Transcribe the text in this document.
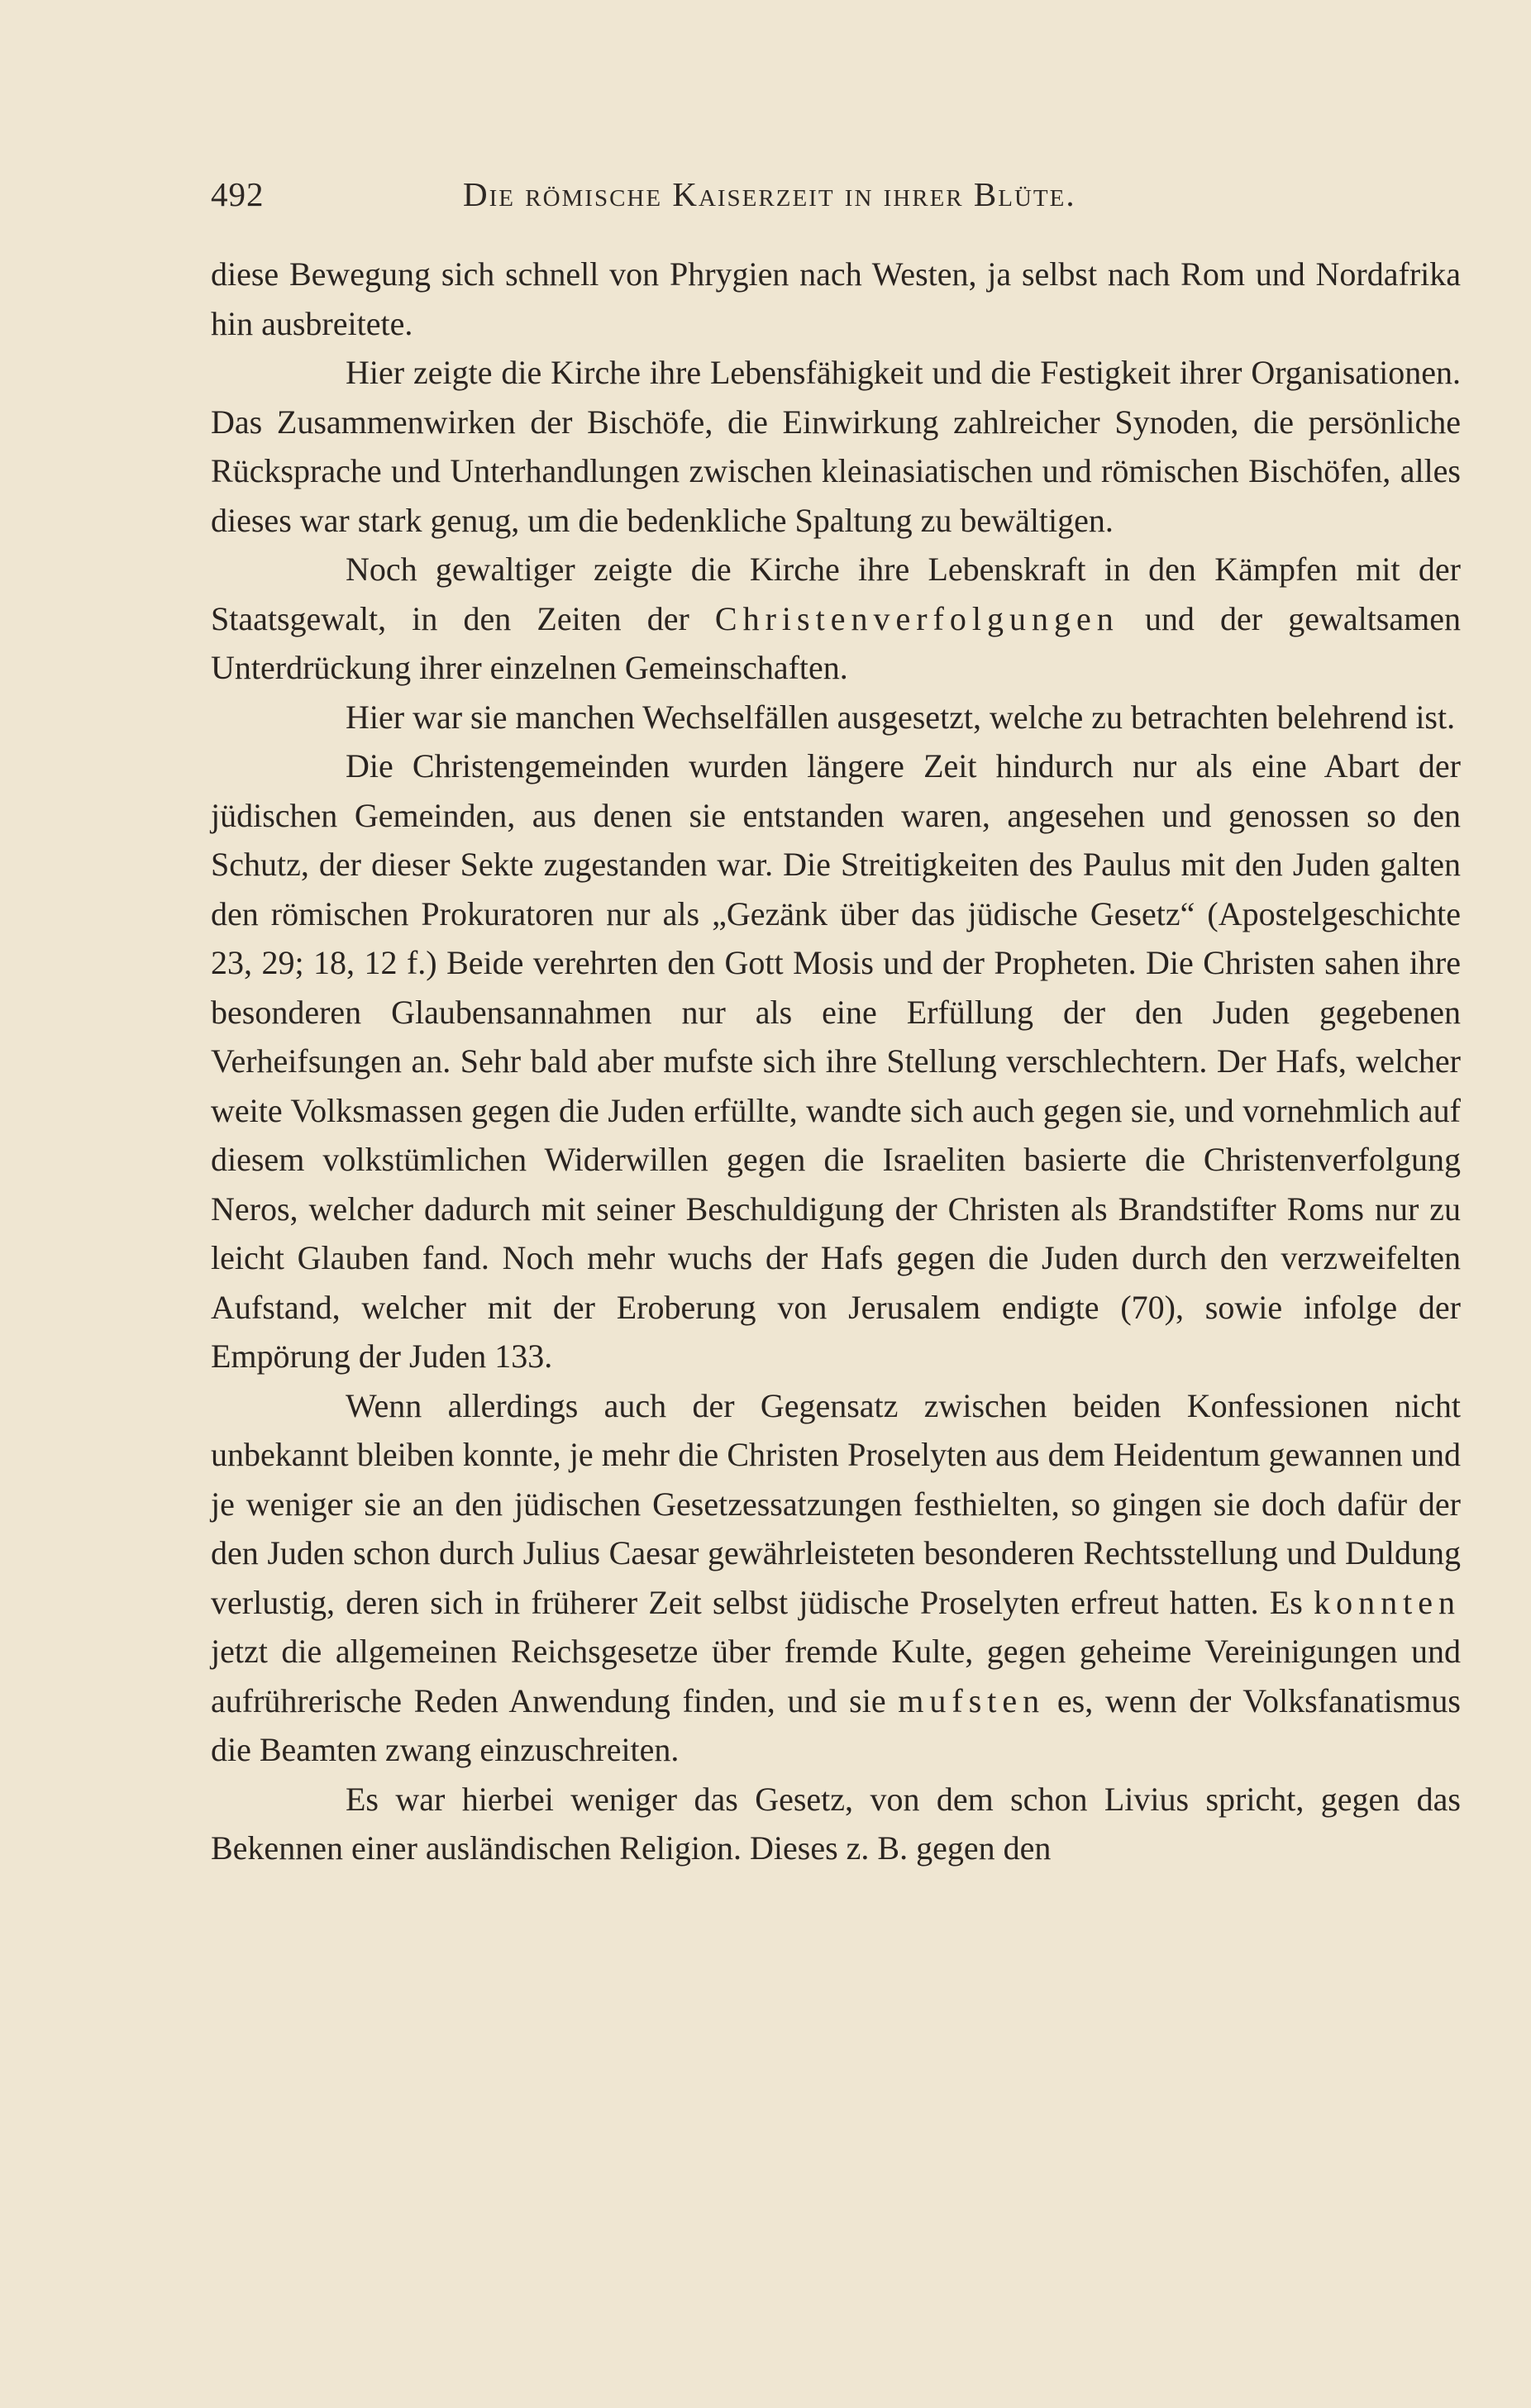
492	Die römische Kaiserzeit in ihrer Blüte.

diese Bewegung sich schnell von Phrygien nach Westen, ja selbst nach Rom und Nordafrika hin ausbreitete.

Hier zeigte die Kirche ihre Lebensfähigkeit und die Festigkeit ihrer Organisationen. Das Zusammenwirken der Bischöfe, die Einwirkung zahlreicher Synoden, die persönliche Rücksprache und Unterhandlungen zwischen kleinasiatischen und römischen Bischöfen, alles dieses war stark genug, um die bedenkliche Spaltung zu bewältigen.

Noch gewaltiger zeigte die Kirche ihre Lebenskraft in den Kämpfen mit der Staatsgewalt, in den Zeiten der Christenverfolgungen und der gewaltsamen Unterdrückung ihrer einzelnen Gemeinschaften.

Hier war sie manchen Wechselfällen ausgesetzt, welche zu betrachten belehrend ist.

Die Christengemeinden wurden längere Zeit hindurch nur als eine Abart der jüdischen Gemeinden, aus denen sie entstanden waren, angesehen und genossen so den Schutz, der dieser Sekte zugestanden war. Die Streitigkeiten des Paulus mit den Juden galten den römischen Prokuratoren nur als „Gezänk über das jüdische Gesetz“ (Apostelgeschichte 23, 29; 18, 12 f.) Beide verehrten den Gott Mosis und der Propheten. Die Christen sahen ihre besonderen Glaubensannahmen nur als eine Erfüllung der den Juden gegebenen Verheifsungen an. Sehr bald aber mufste sich ihre Stellung verschlechtern. Der Hafs, welcher weite Volksmassen gegen die Juden erfüllte, wandte sich auch gegen sie, und vornehmlich auf diesem volkstümlichen Widerwillen gegen die Israeliten basierte die Christenverfolgung Neros, welcher dadurch mit seiner Beschuldigung der Christen als Brandstifter Roms nur zu leicht Glauben fand. Noch mehr wuchs der Hafs gegen die Juden durch den verzweifelten Aufstand, welcher mit der Eroberung von Jerusalem endigte (70), sowie infolge der Empörung der Juden 133.

Wenn allerdings auch der Gegensatz zwischen beiden Konfessionen nicht unbekannt bleiben konnte, je mehr die Christen Proselyten aus dem Heidentum gewannen und je weniger sie an den jüdischen Gesetzessatzungen festhielten, so gingen sie doch dafür der den Juden schon durch Julius Caesar gewährleisteten besonderen Rechtsstellung und Duldung verlustig, deren sich in früherer Zeit selbst jüdische Proselyten erfreut hatten. Es konnten jetzt die allgemeinen Reichsgesetze über fremde Kulte, gegen geheime Vereinigungen und aufrührerische Reden Anwendung finden, und sie mufsten es, wenn der Volksfanatismus die Beamten zwang einzuschreiten.

Es war hierbei weniger das Gesetz, von dem schon Livius spricht, gegen das Bekennen einer ausländischen Religion. Dieses z. B. gegen den
